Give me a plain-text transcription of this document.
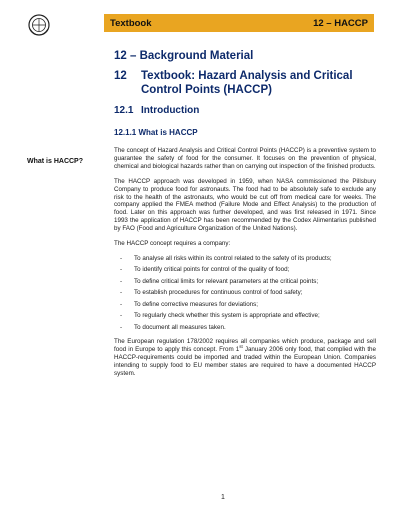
Textbook	12 – HACCP
What is HACCP?
12 – Background Material
12	Textbook: Hazard Analysis and Critical Control Points (HACCP)
12.1 Introduction
12.1.1 What is HACCP

The concept of Hazard Analysis and Critical Control Points (HACCP) is a preventive system to guarantee the safety of food for the consumer. It focuses on the prevention of physical, chemical and biological hazards rather than on carrying out inspection of the finished products.

The HACCP approach was developed in 1959, when NASA commissioned the Pillsbury Company to produce food for astronauts. The food had to be absolutely safe to exclude any risk to the health of the astronauts, who would be cut off from medical care for weeks. The company applied the FMEA method (Failure Mode and Effect Analysis) to the production of food. Later on this approach was further developed, and was first released in 1971. Since 1993 the application of HACCP has been recommended by the Codex Alimentarius published by FAO (Food and Agriculture Organization of the United Nations).

The HACCP concept requires a company:

-	To analyse all risks within its control related to the safety of its products;
-	To identify critical points for control of the quality of food;
-	To define critical limits for relevant parameters at the critical points;
-	To establish procedures for continuous control of food safety;
-	To define corrective measures for deviations;
-	To regularly check whether this system is appropriate and effective;
-	To document all measures taken.

The European regulation 178/2002 requires all companies which produce, package and sell food in Europe to apply this concept. From 1st January 2006 only food, that complied with the HACCP-requirements could be imported and traded within the European Union. Companies intending to supply food to EU member states are required to have a documented HACCP system.

1
